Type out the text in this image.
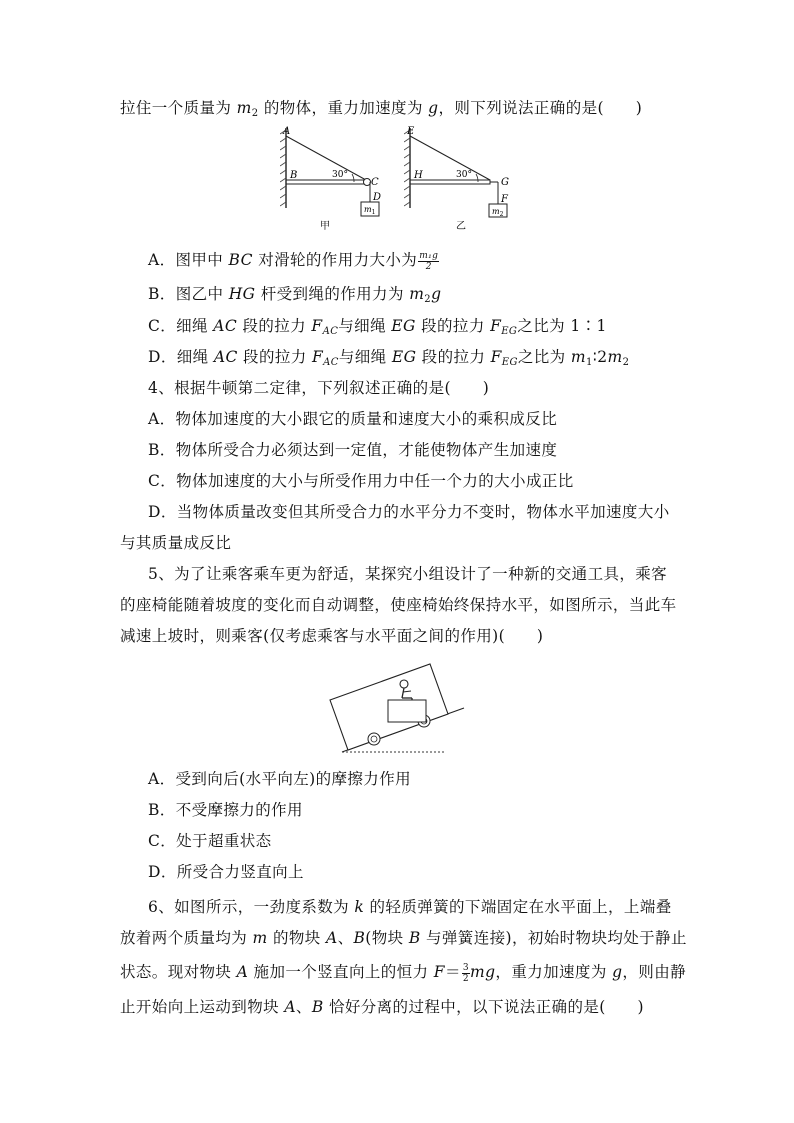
拉住一个质量为 $m_2$ 的物体，重力加速度为 g，则下列说法正确的是(　　)
A
B	30°
C
D
$m_1$
甲
E
H	30°
G
F
$m_2$
乙
A．图甲中 BC 对滑轮的作用力大小为 $\frac{\text{m₁g}}{2}$
B．图乙中 HG 杆受到绳的作用力为 $m_2g$
C．细绳 AC 段的拉力 $F_{AC}$与细绳 EG 段的拉力 $F_{EG}$之比为 1∶1
D．细绳 AC 段的拉力 $F_{AC}$与细绳 EG 段的拉力 $F_{EG}$之比为 $m_1∶2m_2$
4、根据牛顿第二定律，下列叙述正确的是(　　)
A．物体加速度的大小跟它的质量和速度大小的乘积成反比
B．物体所受合力必须达到一定值，才能使物体产生加速度
C．物体加速度的大小与所受作用力中任一个力的大小成正比
D．当物体质量改变但其所受合力的水平分力不变时，物体水平加速度大小
与其质量成反比
5、为了让乘客乘车更为舒适，某探究小组设计了一种新的交通工具，乘客
的座椅能随着坡度的变化而自动调整，使座椅始终保持水平，如图所示，当此车
减速上坡时，则乘客(仅考虑乘客与水平面之间的作用)(　　)
A．受到向后(水平向左)的摩擦力作用
B．不受摩擦力的作用
C．处于超重状态
D．所受合力竖直向上
6、如图所示，一劲度系数为 k 的轻质弹簧的下端固定在水平面上，上端叠
放着两个质量均为 m 的物块 A、B(物块 B 与弹簧连接)，初始时物块均处于静止
状态。现对物块 A 施加一个竖直向上的恒力 $F= \frac{3}{2}$ mg，重力加速度为 g，则由静
止开始向上运动到物块 A、B 恰好分离的过程中，以下说法正确的是(　　)
